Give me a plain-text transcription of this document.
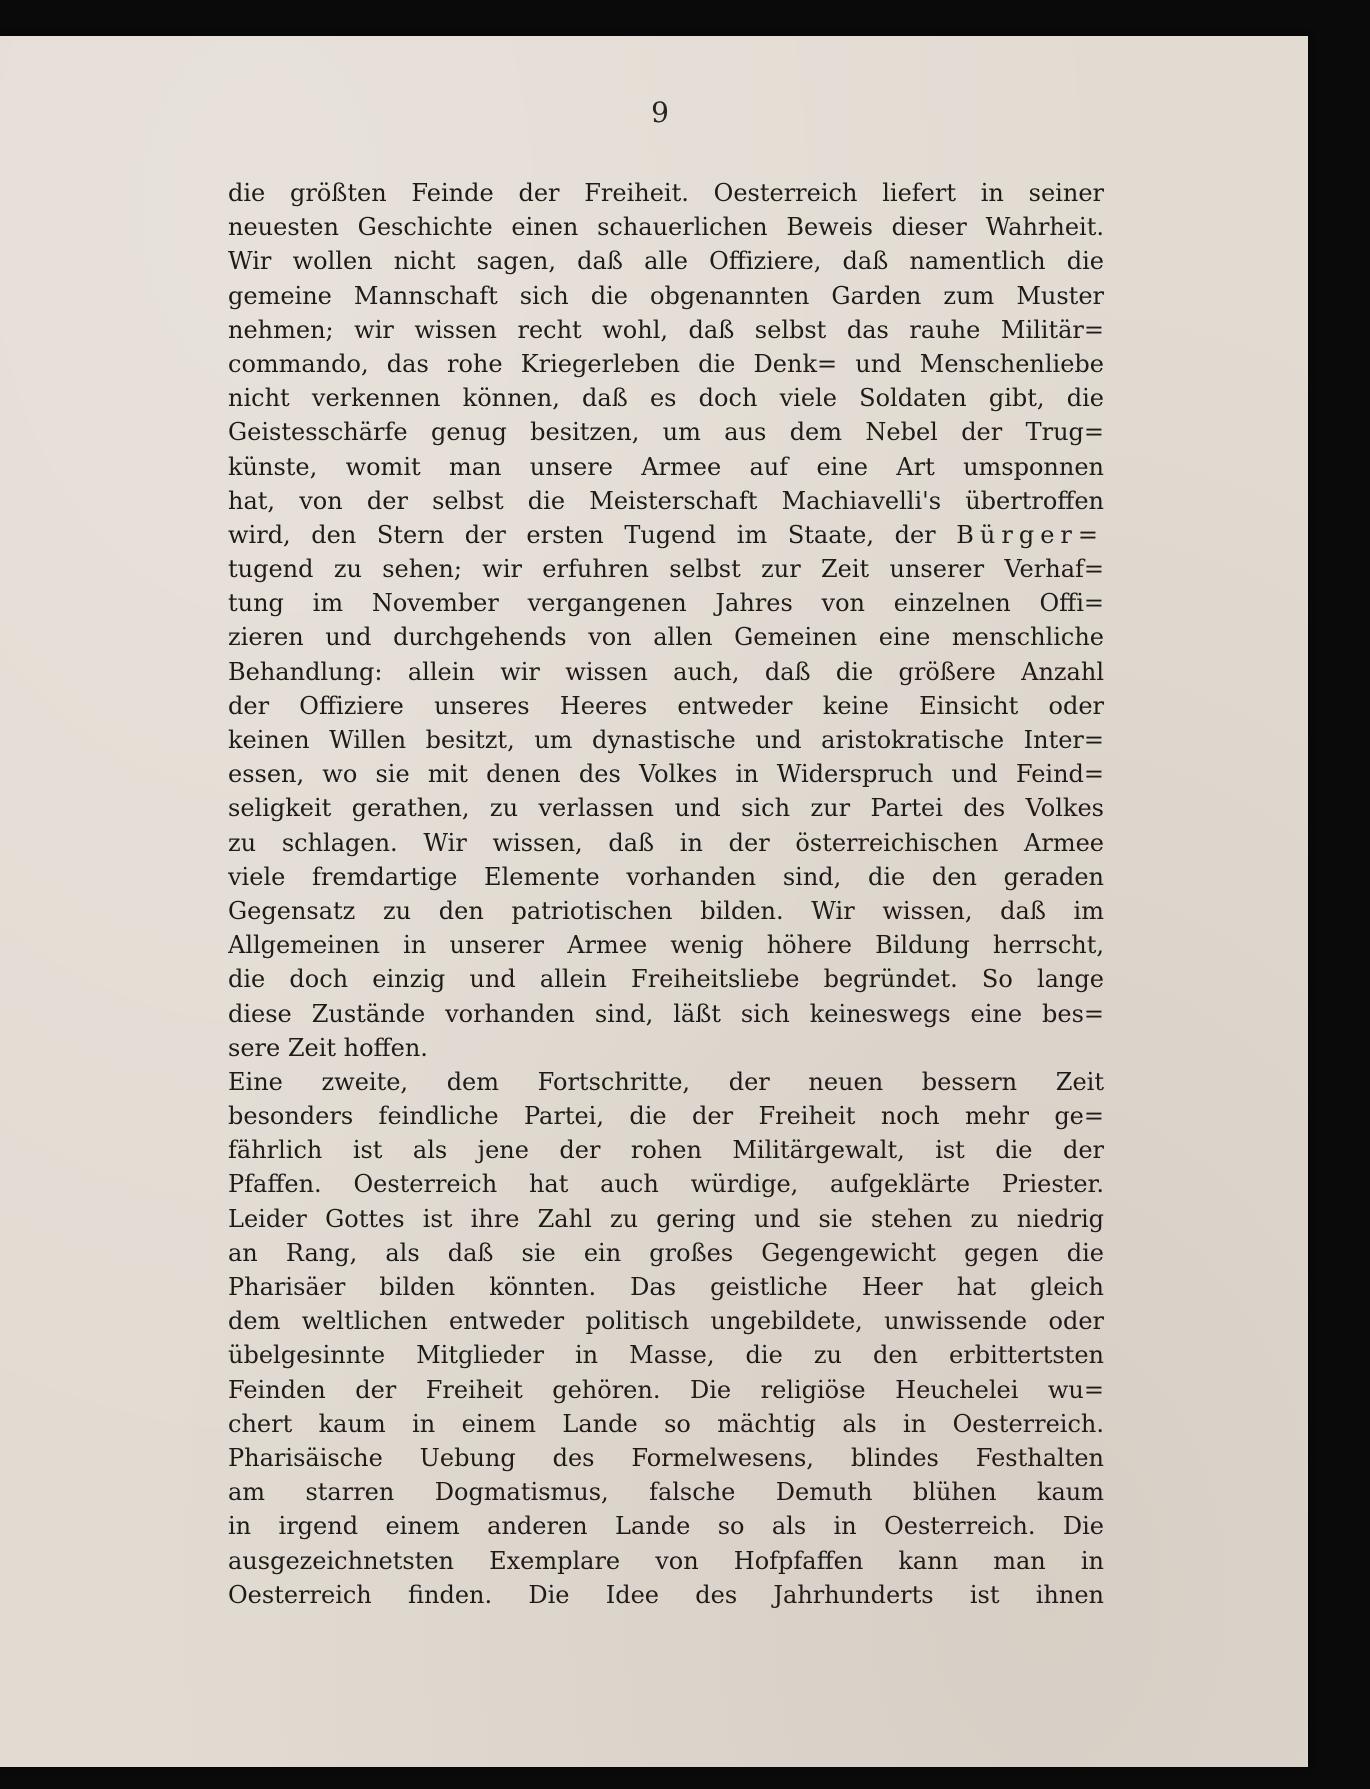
9
die größten Feinde der Freiheit. Oesterreich liefert in seiner
neuesten Geschichte einen schauerlichen Beweis dieser Wahrheit.
Wir wollen nicht sagen, daß alle Offiziere, daß namentlich die
gemeine Mannschaft sich die obgenannten Garden zum Muster
nehmen; wir wissen recht wohl, daß selbst das rauhe Militär=
commando, das rohe Kriegerleben die Denk= und Menschenliebe
nicht verkennen können, daß es doch viele Soldaten gibt, die
Geistesschärfe genug besitzen, um aus dem Nebel der Trug=
künste, womit man unsere Armee auf eine Art umsponnen
hat, von der selbst die Meisterschaft Machiavelli's übertroffen
wird, den Stern der ersten Tugend im Staate, der Bürger=
tugend zu sehen; wir erfuhren selbst zur Zeit unserer Verhaf=
tung im November vergangenen Jahres von einzelnen Offi=
zieren und durchgehends von allen Gemeinen eine menschliche
Behandlung: allein wir wissen auch, daß die größere Anzahl
der Offiziere unseres Heeres entweder keine Einsicht oder
keinen Willen besitzt, um dynastische und aristokratische Inter=
essen, wo sie mit denen des Volkes in Widerspruch und Feind=
seligkeit gerathen, zu verlassen und sich zur Partei des Volkes
zu schlagen. Wir wissen, daß in der österreichischen Armee
viele fremdartige Elemente vorhanden sind, die den geraden
Gegensatz zu den patriotischen bilden. Wir wissen, daß im
Allgemeinen in unserer Armee wenig höhere Bildung herrscht,
die doch einzig und allein Freiheitsliebe begründet. So lange
diese Zustände vorhanden sind, läßt sich keineswegs eine bes=
sere Zeit hoffen.
Eine zweite, dem Fortschritte, der neuen bessern Zeit
besonders feindliche Partei, die der Freiheit noch mehr ge=
fährlich ist als jene der rohen Militärgewalt, ist die der
Pfaffen. Oesterreich hat auch würdige, aufgeklärte Priester.
Leider Gottes ist ihre Zahl zu gering und sie stehen zu niedrig
an Rang, als daß sie ein großes Gegengewicht gegen die
Pharisäer bilden könnten. Das geistliche Heer hat gleich
dem weltlichen entweder politisch ungebildete, unwissende oder
übelgesinnte Mitglieder in Masse, die zu den erbittertsten
Feinden der Freiheit gehören. Die religiöse Heuchelei wu=
chert kaum in einem Lande so mächtig als in Oesterreich.
Pharisäische Uebung des Formelwesens, blindes Festhalten
am starren Dogmatismus, falsche Demuth blühen kaum
in irgend einem anderen Lande so als in Oesterreich. Die
ausgezeichnetsten Exemplare von Hofpfaffen kann man in
Oesterreich finden. Die Idee des Jahrhunderts ist ihnen
